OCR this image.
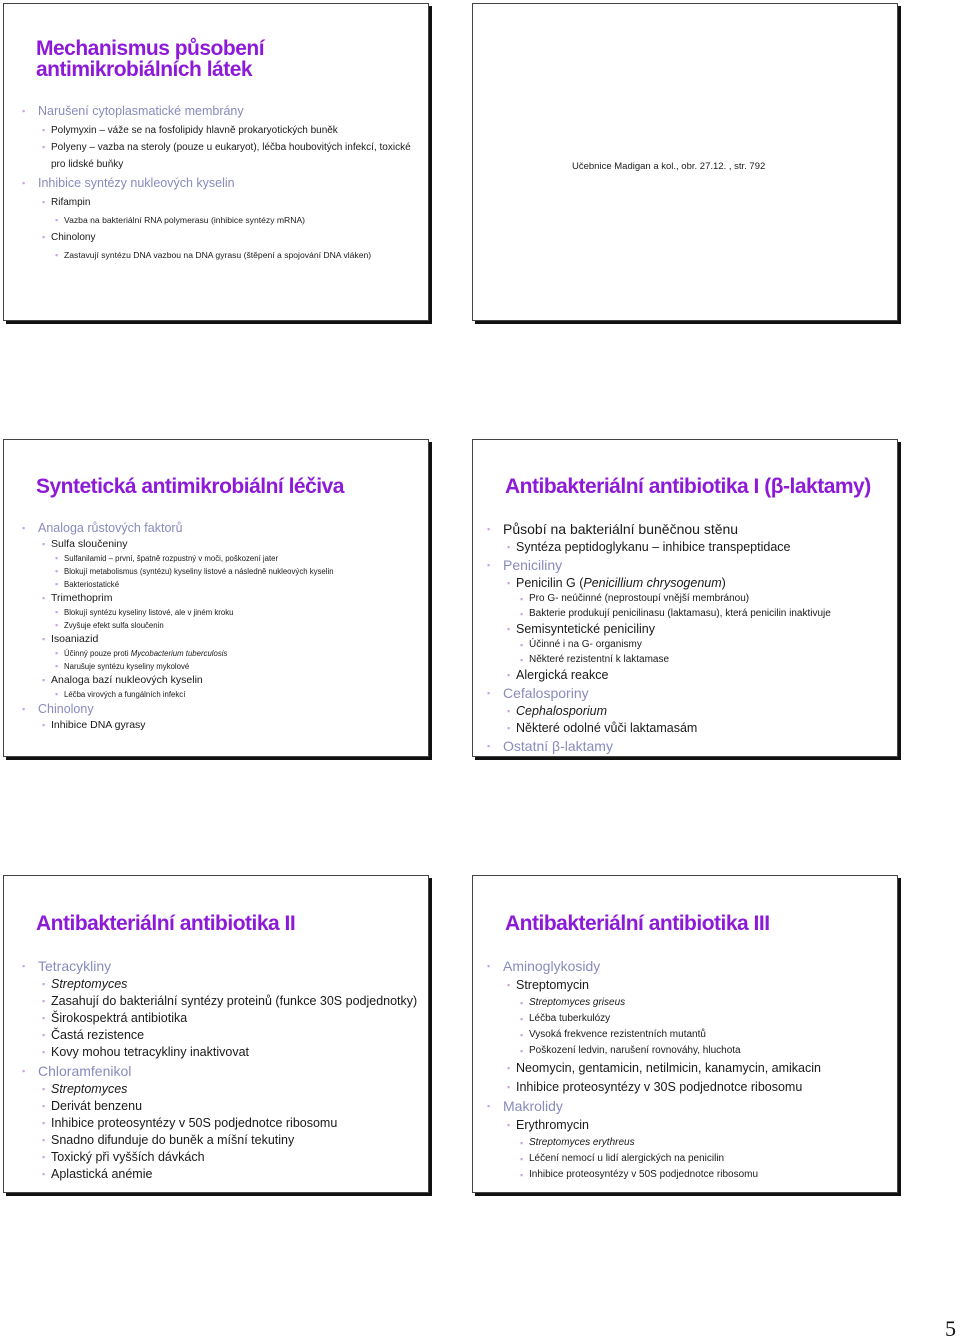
Mechanismus působení antimikrobiálních látek
▪ Narušení cytoplasmatické membrány
▪ Polymyxin – váže se na fosfolipidy hlavně prokaryotických buněk
▪ Polyeny – vazba na steroly (pouze u eukaryot), léčba houbovitých infekcí, toxické pro lidské buňky
▪ Inhibice syntézy nukleových kyselin
▪ Rifampin
▪ Vazba na bakteriální RNA polymerasu (inhibice syntézy mRNA)
▪ Chinolony
▪ Zastavují syntézu DNA vazbou na DNA gyrasu (štěpení a spojování DNA vláken)
Učebnice Madigan a kol., obr. 27.12. , str. 792
Syntetická antimikrobiální léčiva
▪ Analoga růstových faktorů
▪ Sulfa sloučeniny
▪ Sulfanilamid – první, špatně rozpustný v moči, poškození jater
▪ Blokují metabolismus (syntézu) kyseliny listové a následně nukleových kyselin
▪ Bakteriostatické
▪ Trimethoprim
▪ Blokují syntézu kyseliny listové, ale v jiném kroku
▪ Zvyšuje efekt sulfa sloučenin
▪ Isoaniazid
▪ Účinný pouze proti Mycobacterium tuberculosis
▪ Narušuje syntézu kyseliny mykolové
▪ Analoga bazí nukleových kyselin
▪ Léčba virových a fungálních infekcí
▪ Chinolony
▪ Inhibice DNA gyrasy
Antibakteriální antibiotika I (β-laktamy)
▪ Působí na bakteriální buněčnou stěnu
▪ Syntéza peptidoglykanu – inhibice transpeptidace
▪ Peniciliny
▪ Penicilin G (Penicillium chrysogenum)
▪ Pro G- neúčinné (neprostoupí vnější membránou)
▪ Bakterie produkují penicilinasu (laktamasu), která penicilin inaktivuje
▪ Semisyntetické peniciliny
▪ Účinné i na G- organismy
▪ Některé rezistentní k laktamase
▪ Alergická reakce
▪ Cefalosporiny
▪ Cephalosporium
▪ Některé odolné vůči laktamasám
▪ Ostatní β-laktamy
Antibakteriální antibiotika II
▪ Tetracykliny
▪ Streptomyces
▪ Zasahují do bakteriální syntézy proteinů (funkce 30S podjednotky)
▪ Širokospektrá antibiotika
▪ Častá rezistence
▪ Kovy mohou tetracykliny inaktivovat
▪ Chloramfenikol
▪ Streptomyces
▪ Derivát benzenu
▪ Inhibice proteosyntézy v 50S podjednotce ribosomu
▪ Snadno difunduje do buněk a míšní tekutiny
▪ Toxický při vyšších dávkách
▪ Aplastická anémie
Antibakteriální antibiotika III
▪ Aminoglykosidy
▪ Streptomycin
▪ Streptomyces griseus
▪ Léčba tuberkulózy
▪ Vysoká frekvence rezistentních mutantů
▪ Poškození ledvin, narušení rovnováhy, hluchota
▪ Neomycin, gentamicin, netilmicin, kanamycin, amikacin
▪ Inhibice proteosyntézy v 30S podjednotce ribosomu
▪ Makrolidy
▪ Erythromycin
▪ Streptomyces erythreus
▪ Léčení nemocí u lidí alergických na penicilin
▪ Inhibice proteosyntézy v 50S podjednotce ribosomu
5
